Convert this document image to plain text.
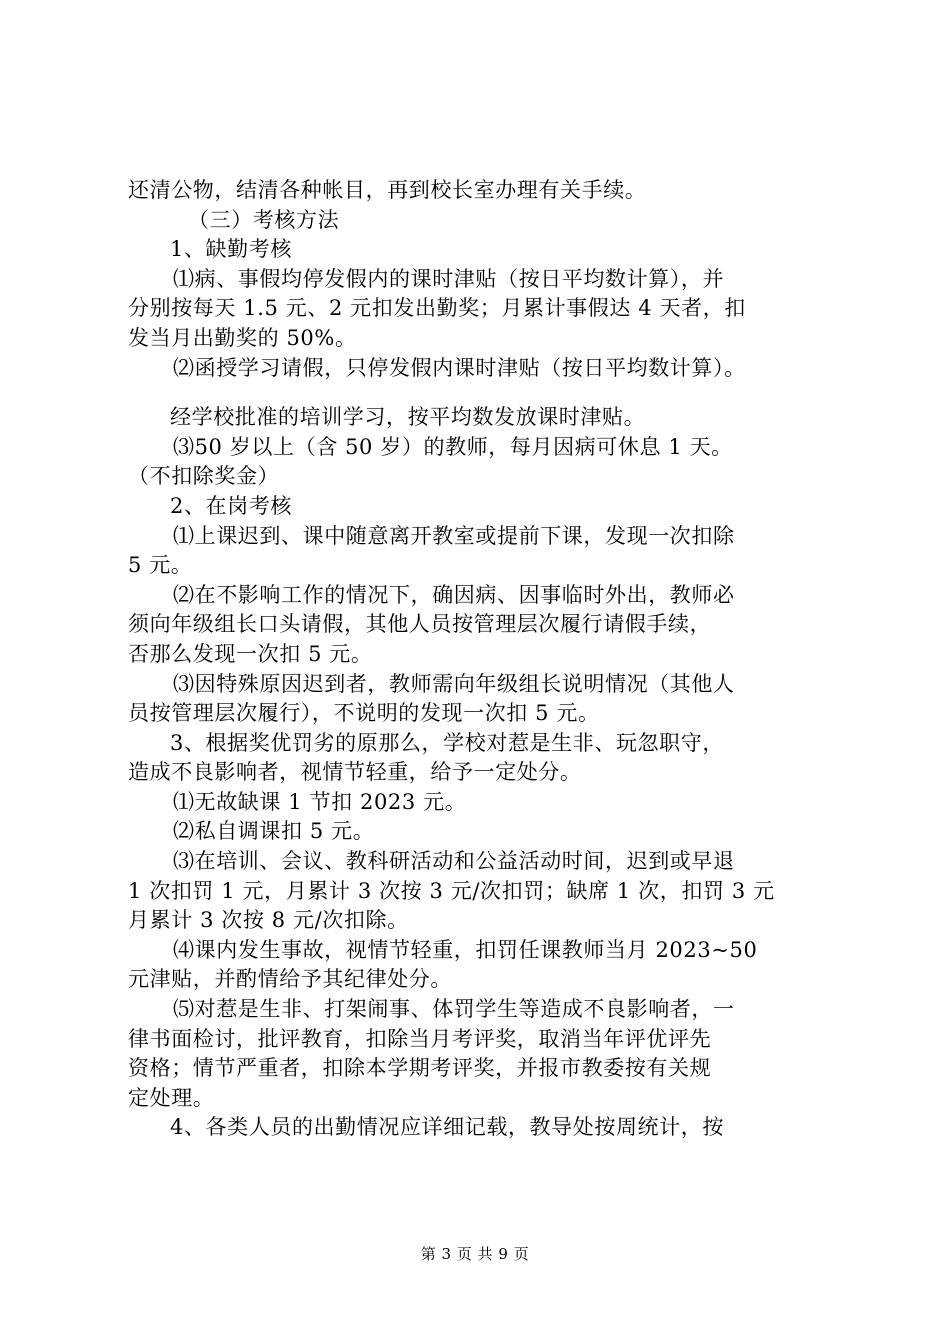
还清公物，结清各种帐目，再到校长室办理有关手续。
（三）考核方法
1、缺勤考核
⑴病、事假均停发假内的课时津贴（按日平均数计算），并
分别按每天 1.5 元、2 元扣发出勤奖；月累计事假达 4 天者，扣
发当月出勤奖的 50%。
⑵函授学习请假，只停发假内课时津贴（按日平均数计算）。
经学校批准的培训学习，按平均数发放课时津贴。
⑶50 岁以上（含 50 岁）的教师，每月因病可休息 1 天。
（不扣除奖金）
2、在岗考核
⑴上课迟到、课中随意离开教室或提前下课，发现一次扣除
5 元。
⑵在不影响工作的情况下，确因病、因事临时外出，教师必
须向年级组长口头请假，其他人员按管理层次履行请假手续，
否那么发现一次扣 5 元。
⑶因特殊原因迟到者，教师需向年级组长说明情况（其他人
员按管理层次履行），不说明的发现一次扣 5 元。
3、根据奖优罚劣的原那么，学校对惹是生非、玩忽职守，
造成不良影响者，视情节轻重，给予一定处分。
⑴无故缺课 1 节扣 2023 元。
⑵私自调课扣 5 元。
⑶在培训、会议、教科研活动和公益活动时间，迟到或早退
1 次扣罚 1 元，月累计 3 次按 3 元/次扣罚；缺席 1 次，扣罚 3 元
月累计 3 次按 8 元/次扣除。
⑷课内发生事故，视情节轻重，扣罚任课教师当月 2023~50
元津贴，并酌情给予其纪律处分。
⑸对惹是生非、打架闹事、体罚学生等造成不良影响者，一
律书面检讨，批评教育，扣除当月考评奖，取消当年评优评先
资格；情节严重者，扣除本学期考评奖，并报市教委按有关规
定处理。
4、各类人员的出勤情况应详细记载，教导处按周统计，按
第 3 页 共 9 页
